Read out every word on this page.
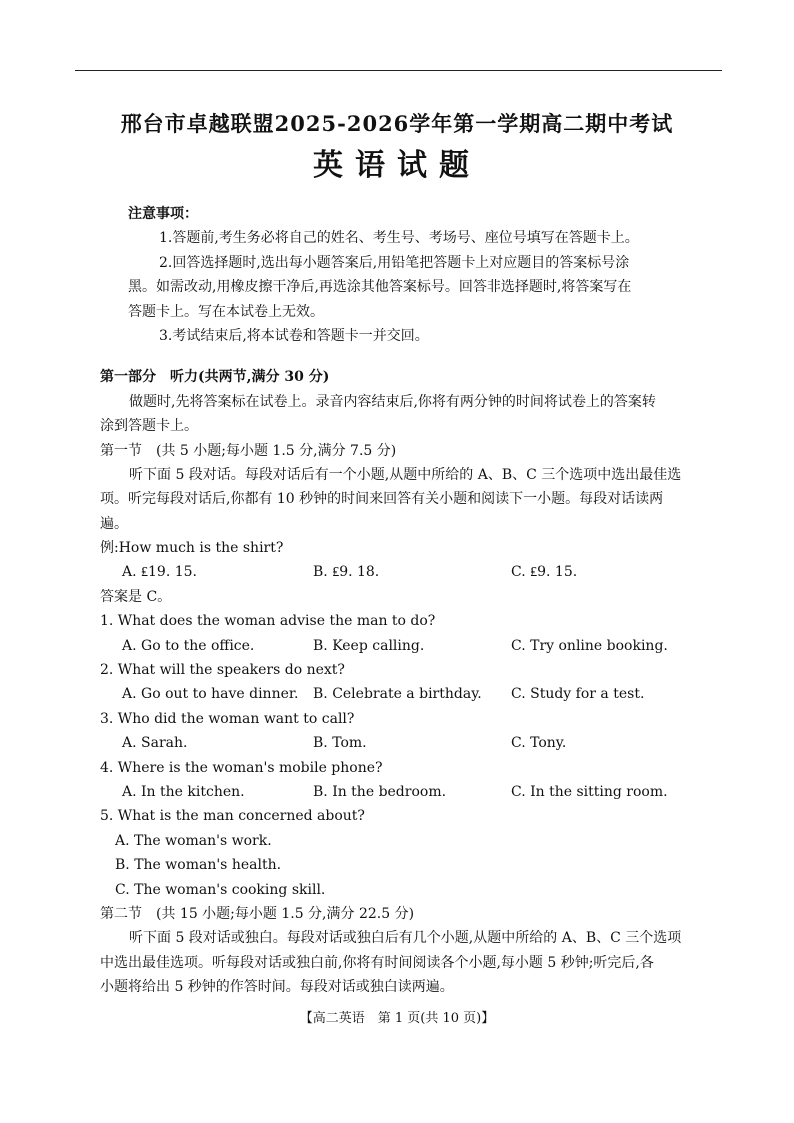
邢台市卓越联盟2025-2026学年第一学期高二期中考试
英语试题
注意事项：
1.答题前,考生务必将自己的姓名、考生号、考场号、座位号填写在答题卡上。
2.回答选择题时,选出每小题答案后,用铅笔把答题卡上对应题目的答案标号涂
黑。如需改动,用橡皮擦干净后,再选涂其他答案标号。回答非选择题时,将答案写在
答题卡上。写在本试卷上无效。
3.考试结束后,将本试卷和答题卡一并交回。
第一部分　听力(共两节,满分 30 分)
做题时,先将答案标在试卷上。录音内容结束后,你将有两分钟的时间将试卷上的答案转
涂到答题卡上。
第一节　(共 5 小题;每小题 1.5 分,满分 7.5 分)
听下面 5 段对话。每段对话后有一个小题,从题中所给的 A、B、C 三个选项中选出最佳选
项。听完每段对话后,你都有 10 秒钟的时间来回答有关小题和阅读下一小题。每段对话读两
遍。
例:How much is the shirt?
A. ₤19. 15.	B. ₤9. 18.	C. ₤9. 15.
答案是 C。
1. What does the woman advise the man to do?
A. Go to the office.	B. Keep calling.	C. Try online booking.
2. What will the speakers do next?
A. Go out to have dinner. B. Celebrate a birthday. C. Study for a test.
3. Who did the woman want to call?
A. Sarah.	B. Tom.	C. Tony.
4. Where is the woman's mobile phone?
A. In the kitchen.	B. In the bedroom.	C. In the sitting room.
5. What is the man concerned about?
A. The woman's work.
B. The woman's health.
C. The woman's cooking skill.
第二节　(共 15 小题;每小题 1.5 分,满分 22.5 分)
听下面 5 段对话或独白。每段对话或独白后有几个小题,从题中所给的 A、B、C 三个选项
中选出最佳选项。听每段对话或独白前,你将有时间阅读各个小题,每小题 5 秒钟;听完后,各
小题将给出 5 秒钟的作答时间。每段对话或独白读两遍。
【高二英语　第 1 页(共 10 页)】
